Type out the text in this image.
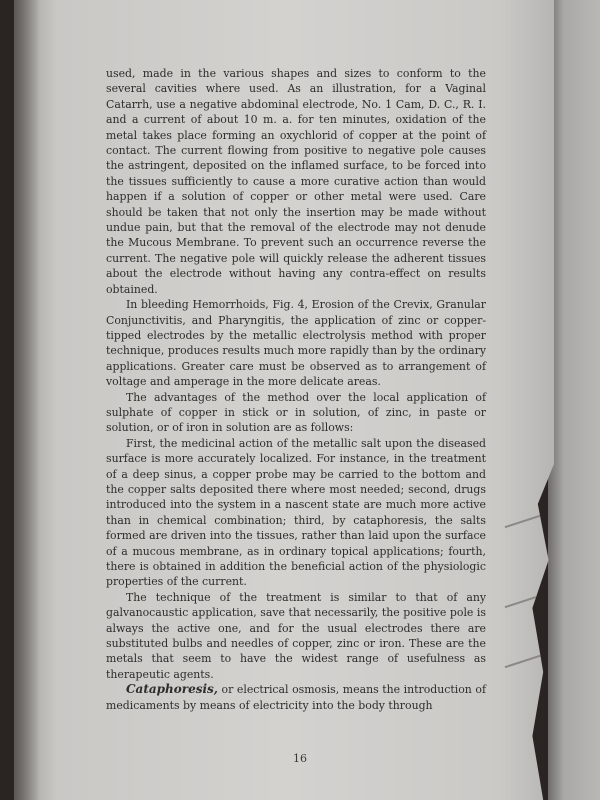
used, made in the various shapes and sizes to conform to the several cavities where used. As an illustration, for a Vaginal Catarrh, use a negative abdominal electrode, No. 1 Cam, D. C., R. I. and a current of about 10 m. a. for ten minutes, oxidation of the metal takes place forming an oxychlorid of copper at the point of contact. The current flowing from positive to negative pole causes the astringent, deposited on the inflamed surface, to be forced into the tissues sufficiently to cause a more curative action than would happen if a solution of copper or other metal were used. Care should be taken that not only the insertion may be made without undue pain, but that the removal of the electrode may not denude the Mucous Membrane. To prevent such an occurrence reverse the current. The negative pole will quickly release the adherent tissues about the electrode without having any contra-effect on results obtained.

In bleeding Hemorrhoids, Fig. 4, Erosion of the Crevix, Granular Conjunctivitis, and Pharyngitis, the application of zinc or copper-tipped electrodes by the metallic electrolysis method with proper technique, produces results much more rapidly than by the ordinary applications. Greater care must be observed as to arrangement of voltage and amperage in the more delicate areas.

The advantages of the method over the local application of sulphate of copper in stick or in solution, of zinc, in paste or solution, or of iron in solution are as follows:

First, the medicinal action of the metallic salt upon the diseased surface is more accurately localized. For instance, in the treatment of a deep sinus, a copper probe may be carried to the bottom and the copper salts deposited there where most needed; second, drugs introduced into the system in a nascent state are much more active than in chemical combination; third, by cataphoresis, the salts formed are driven into the tissues, rather than laid upon the surface of a mucous membrane, as in ordinary topical applications; fourth, there is obtained in addition the beneficial action of the physiologic properties of the current.

The technique of the treatment is similar to that of any galvanocaustic application, save that necessarily, the positive pole is always the active one, and for the usual electrodes there are substituted bulbs and needles of copper, zinc or iron. These are the metals that seem to have the widest range of usefulness as therapeutic agents.

Cataphoresis, or electrical osmosis, means the introduction of medicaments by means of electricity into the body through

16
